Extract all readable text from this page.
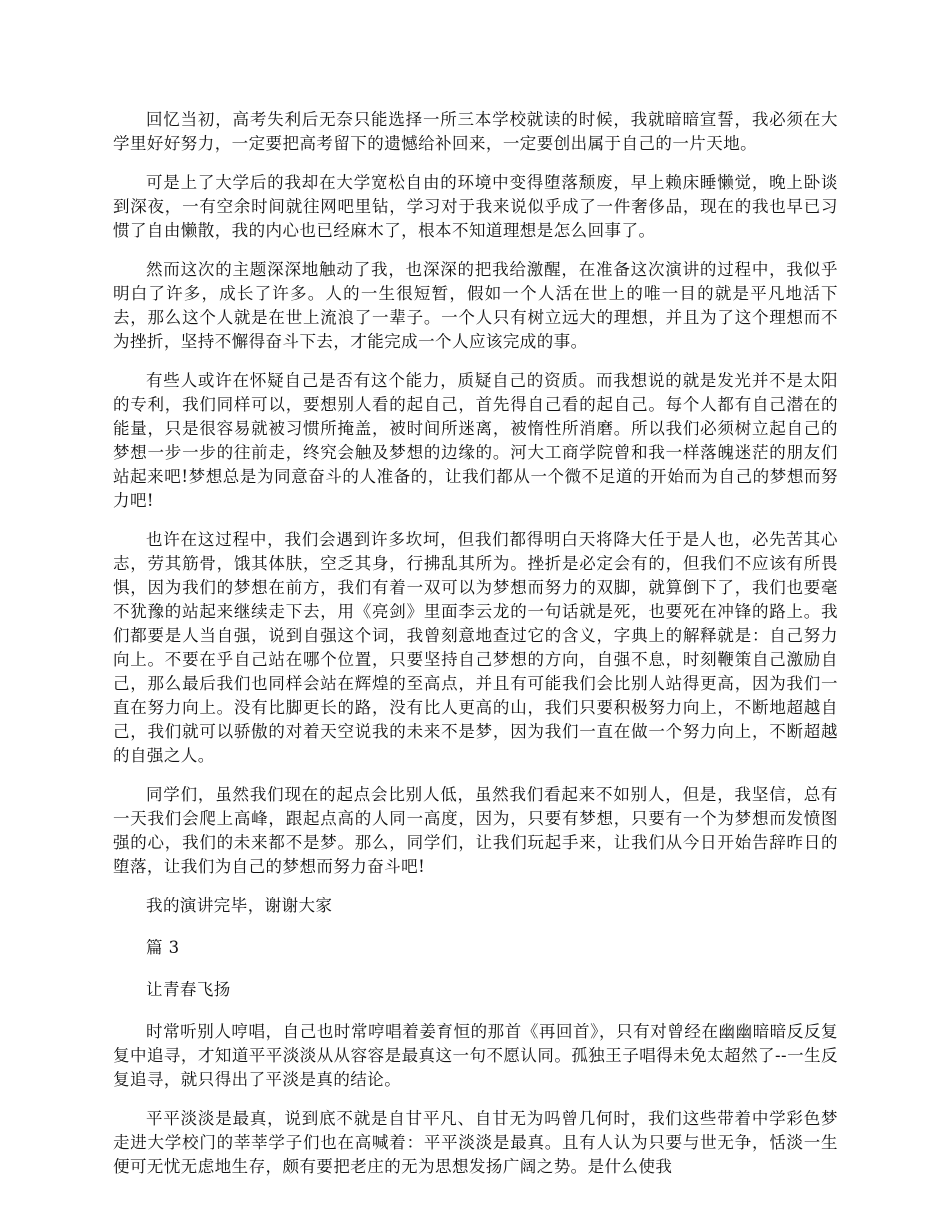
回忆当初，高考失利后无奈只能选择一所三本学校就读的时候，我就暗暗宣誓，我必须在大学里好好努力，一定要把高考留下的遗憾给补回来，一定要创出属于自己的一片天地。

可是上了大学后的我却在大学宽松自由的环境中变得堕落颓废，早上赖床睡懒觉，晚上卧谈到深夜，一有空余时间就往网吧里钻，学习对于我来说似乎成了一件奢侈品，现在的我也早已习惯了自由懒散，我的内心也已经麻木了，根本不知道理想是怎么回事了。

然而这次的主题深深地触动了我，也深深的把我给激醒，在准备这次演讲的过程中，我似乎明白了许多，成长了许多。人的一生很短暂，假如一个人活在世上的唯一目的就是平凡地活下去，那么这个人就是在世上流浪了一辈子。一个人只有树立远大的理想，并且为了这个理想而不为挫折，坚持不懈得奋斗下去，才能完成一个人应该完成的事。

有些人或许在怀疑自己是否有这个能力，质疑自己的资质。而我想说的就是发光并不是太阳的专利，我们同样可以，要想别人看的起自己，首先得自己看的起自己。每个人都有自己潜在的能量，只是很容易就被习惯所掩盖，被时间所迷离，被惰性所消磨。所以我们必须树立起自己的梦想一步一步的往前走，终究会触及梦想的边缘的。河大工商学院曾和我一样落魄迷茫的朋友们站起来吧!梦想总是为同意奋斗的人准备的，让我们都从一个微不足道的开始而为自己的梦想而努力吧!

也许在这过程中，我们会遇到许多坎坷，但我们都得明白天将降大任于是人也，必先苦其心志，劳其筋骨，饿其体肤，空乏其身，行拂乱其所为。挫折是必定会有的，但我们不应该有所畏惧，因为我们的梦想在前方，我们有着一双可以为梦想而努力的双脚，就算倒下了，我们也要毫不犹豫的站起来继续走下去，用《亮剑》里面李云龙的一句话就是死，也要死在冲锋的路上。我们都要是人当自强，说到自强这个词，我曾刻意地查过它的含义，字典上的解释就是：自己努力向上。不要在乎自己站在哪个位置，只要坚持自己梦想的方向，自强不息，时刻鞭策自己激励自己，那么最后我们也同样会站在辉煌的至高点，并且有可能我们会比别人站得更高，因为我们一直在努力向上。没有比脚更长的路，没有比人更高的山，我们只要积极努力向上，不断地超越自己，我们就可以骄傲的对着天空说我的未来不是梦，因为我们一直在做一个努力向上，不断超越的自强之人。

同学们，虽然我们现在的起点会比别人低，虽然我们看起来不如别人，但是，我坚信，总有一天我们会爬上高峰，跟起点高的人同一高度，因为，只要有梦想，只要有一个为梦想而发愤图强的心，我们的未来都不是梦。那么，同学们，让我们玩起手来，让我们从今日开始告辞昨日的堕落，让我们为自己的梦想而努力奋斗吧!

我的演讲完毕，谢谢大家

篇 3

让青春飞扬

时常听别人哼唱，自己也时常哼唱着姜育恒的那首《再回首》，只有对曾经在幽幽暗暗反反复复中追寻，才知道平平淡淡从从容容是最真这一句不愿认同。孤独王子唱得未免太超然了--一生反复追寻，就只得出了平淡是真的结论。

平平淡淡是最真，说到底不就是自甘平凡、自甘无为吗曾几何时，我们这些带着中学彩色梦走进大学校门的莘莘学子们也在高喊着：平平淡淡是最真。且有人认为只要与世无争，恬淡一生便可无忧无虑地生存，颇有要把老庄的无为思想发扬广阔之势。是什么使我
